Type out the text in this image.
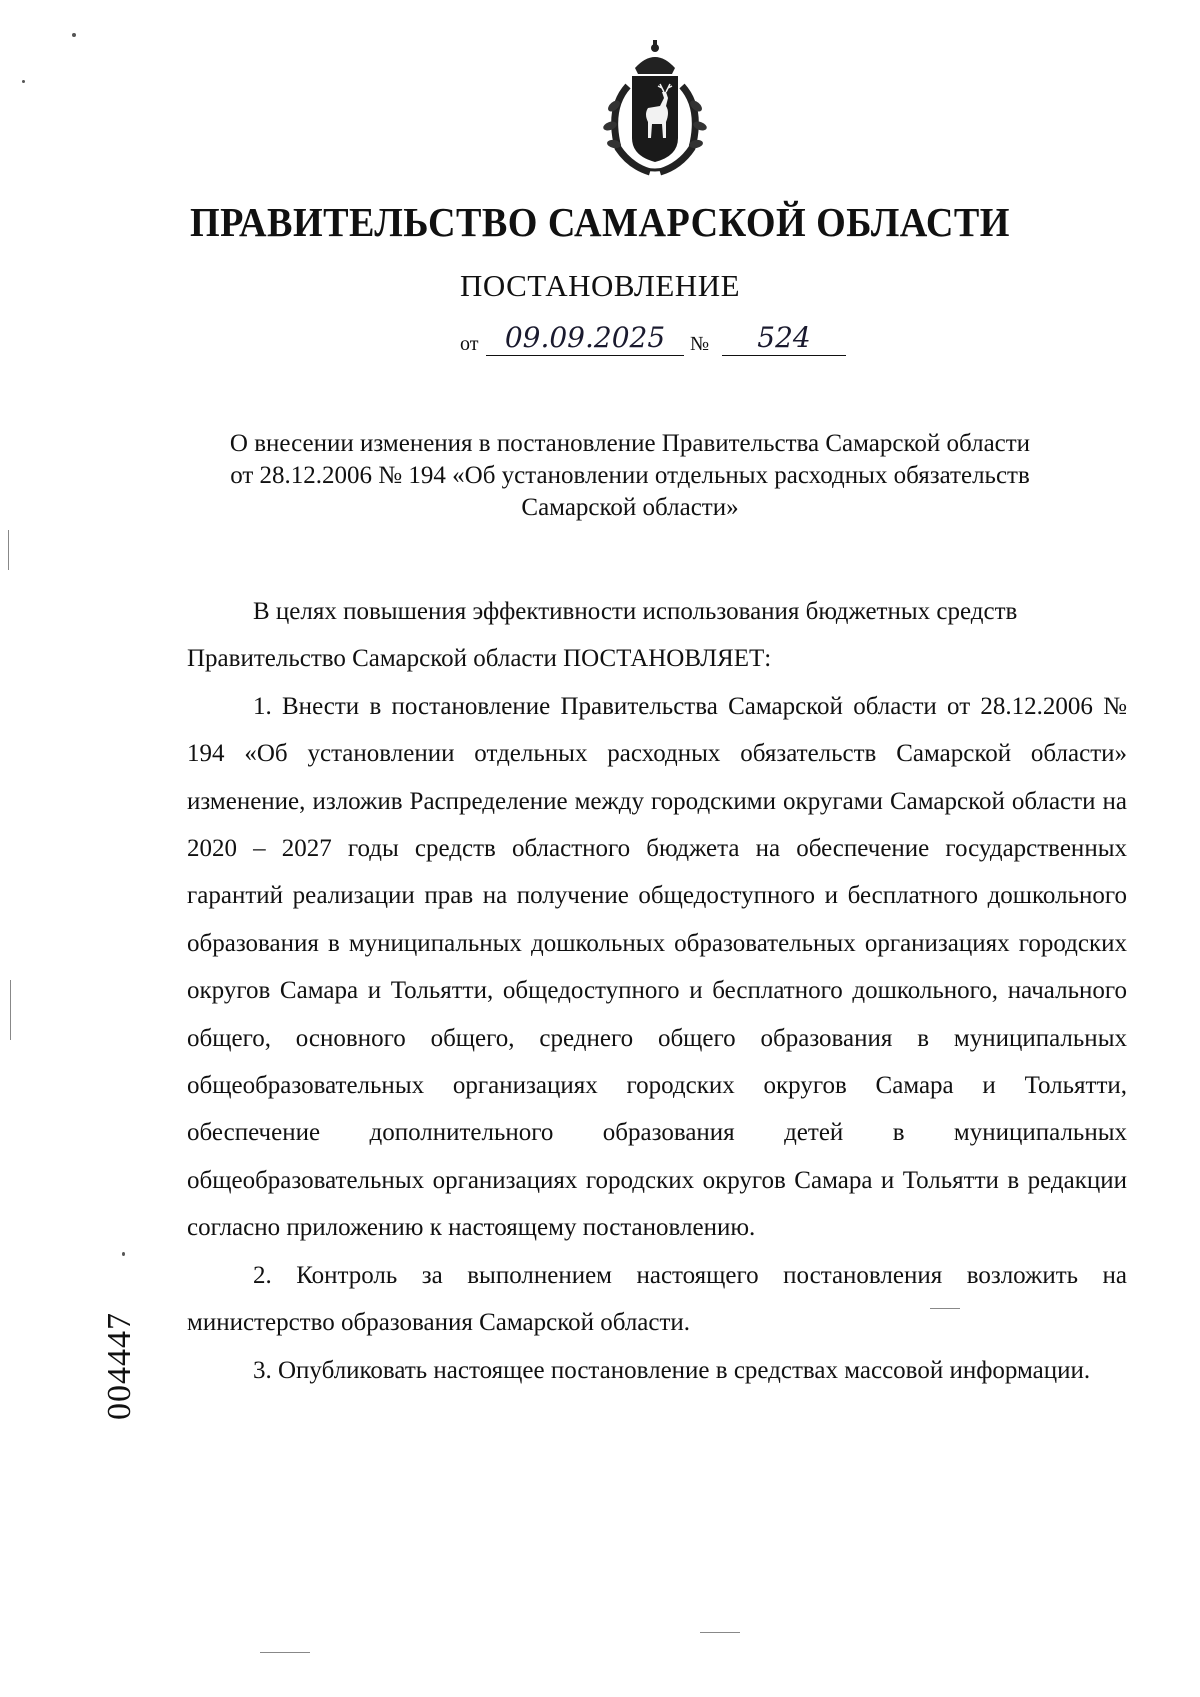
ПРАВИТЕЛЬСТВО САМАРСКОЙ ОБЛАСТИ
ПОСТАНОВЛЕНИЕ
от 09.09.2025	№	524
О внесении изменения в постановление Правительства Самарской области
от 28.12.2006 № 194 «Об установлении отдельных расходных обязательств
Самарской области»

В целях повышения эффективности использования бюджетных средств

Правительство Самарской области ПОСТАНОВЛЯЕТ:

1. Внести в постановление Правительства Самарской области от 28.12.2006 № 194 «Об установлении отдельных расходных обязательств Самарской области» изменение, изложив Распределение между городскими округами Самарской области на 2020 – 2027 годы средств областного бюджета на обеспечение государственных гарантий реализации прав на получение общедоступного и бесплатного дошкольного образования в муниципальных дошкольных образовательных организациях городских округов Самара и Тольятти, общедоступного и бесплатного дошкольного, начального общего, основного общего, среднего общего образования в муниципальных общеобразовательных организациях городских округов Самара и Тольятти, обеспечение дополнительного образования детей в муниципальных общеобразовательных организациях городских округов Самара и Тольятти в редакции согласно приложению к настоящему постановлению.

2. Контроль за выполнением настоящего постановления возложить на министерство образования Самарской области.

3. Опубликовать настоящее постановление в средствах массовой информации.

004447
